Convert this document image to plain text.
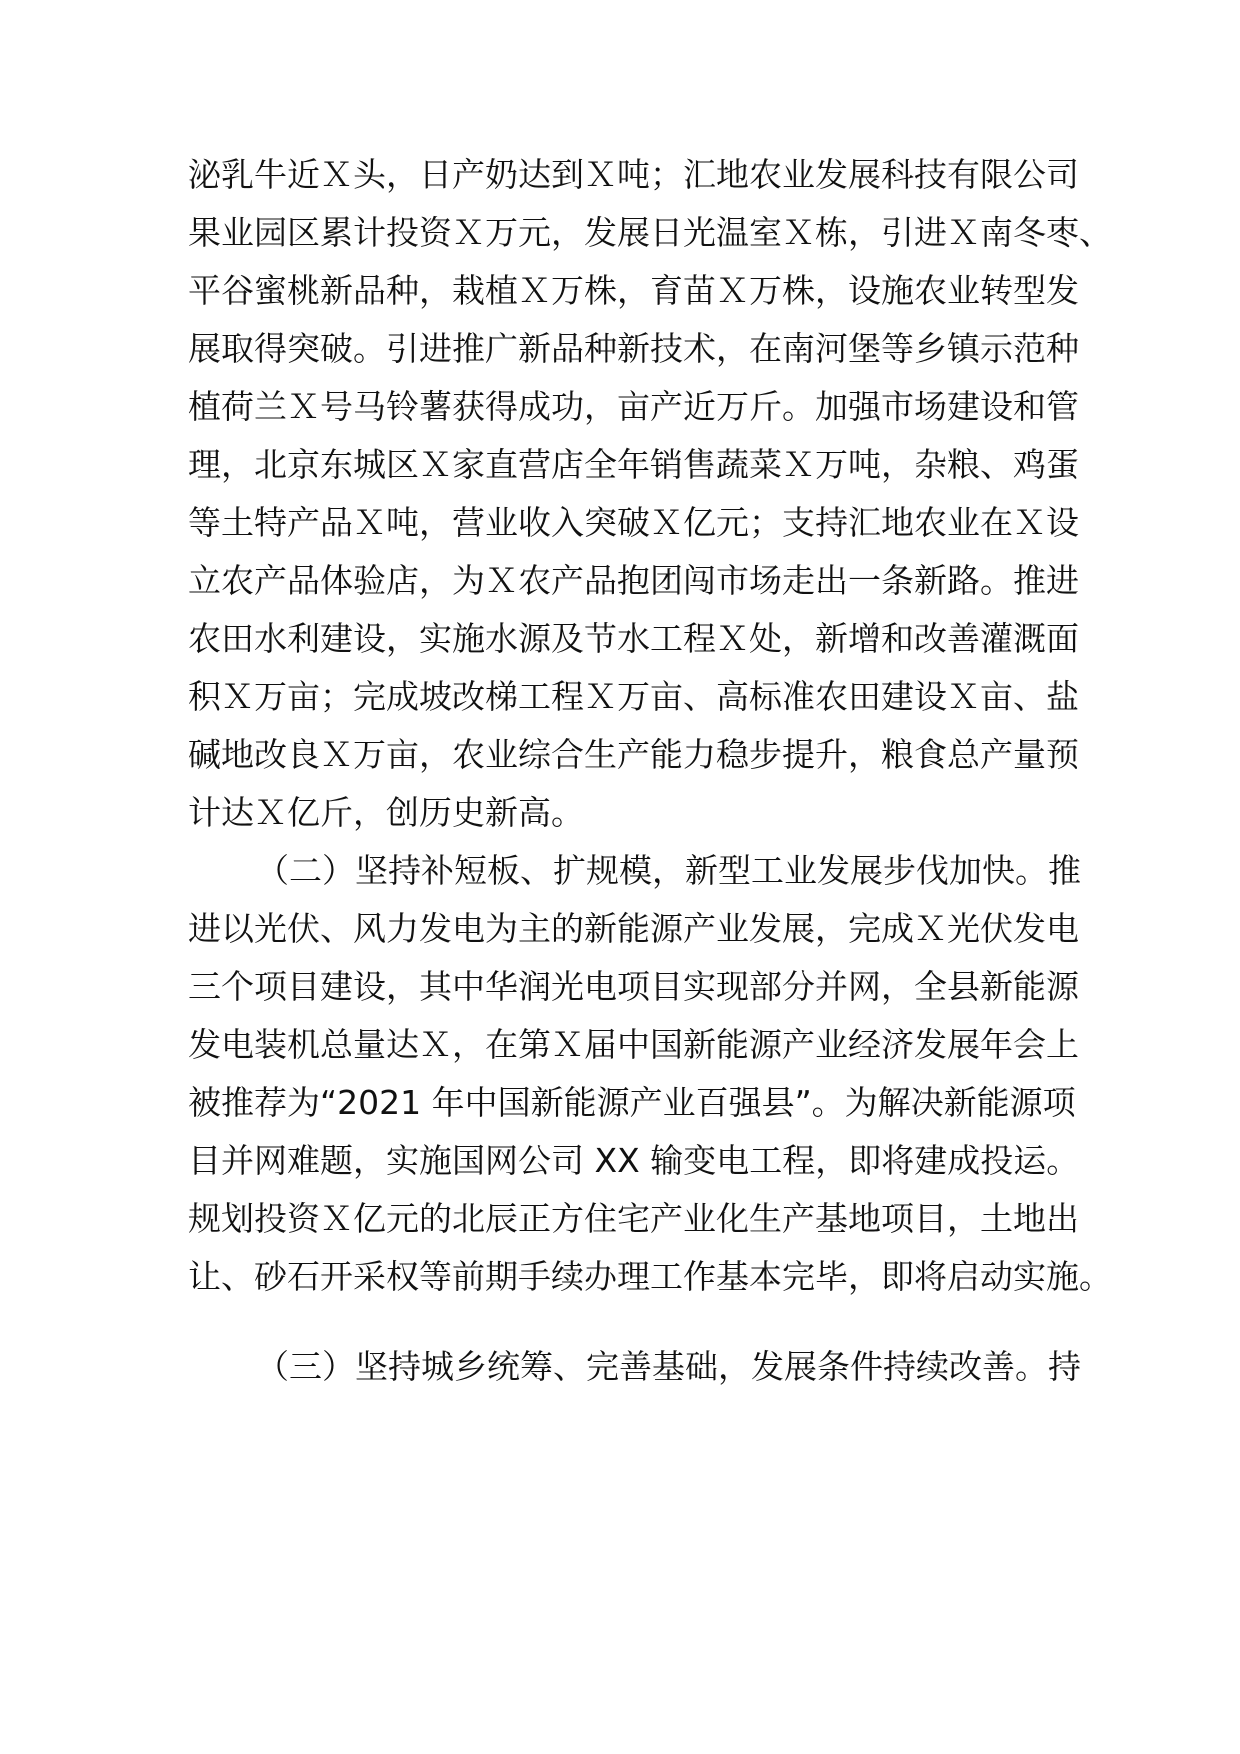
泌乳牛近Ｘ头，日产奶达到Ｘ吨；汇地农业发展科技有限公司
果业园区累计投资Ｘ万元，发展日光温室Ｘ栋，引进Ｘ南冬枣、
平谷蜜桃新品种，栽植Ｘ万株，育苗Ｘ万株，设施农业转型发
展取得突破。引进推广新品种新技术，在南河堡等乡镇示范种
植荷兰Ｘ号马铃薯获得成功，亩产近万斤。加强市场建设和管
理，北京东城区Ｘ家直营店全年销售蔬菜Ｘ万吨，杂粮、鸡蛋
等土特产品Ｘ吨，营业收入突破Ｘ亿元；支持汇地农业在Ｘ设
立农产品体验店，为Ｘ农产品抱团闯市场走出一条新路。推进
农田水利建设，实施水源及节水工程Ｘ处，新增和改善灌溉面
积Ｘ万亩；完成坡改梯工程Ｘ万亩、高标准农田建设Ｘ亩、盐
碱地改良Ｘ万亩，农业综合生产能力稳步提升，粮食总产量预
计达Ｘ亿斤，创历史新高。
（二）坚持补短板、扩规模，新型工业发展步伐加快。推
进以光伏、风力发电为主的新能源产业发展，完成Ｘ光伏发电
三个项目建设，其中华润光电项目实现部分并网，全县新能源
发电装机总量达Ｘ，在第Ｘ届中国新能源产业经济发展年会上
被推荐为“2021 年中国新能源产业百强县”。为解决新能源项
目并网难题，实施国网公司 XX 输变电工程，即将建成投运。
规划投资Ｘ亿元的北辰正方住宅产业化生产基地项目，土地出
让、砂石开采权等前期手续办理工作基本完毕，即将启动实施。
（三）坚持城乡统筹、完善基础，发展条件持续改善。持
